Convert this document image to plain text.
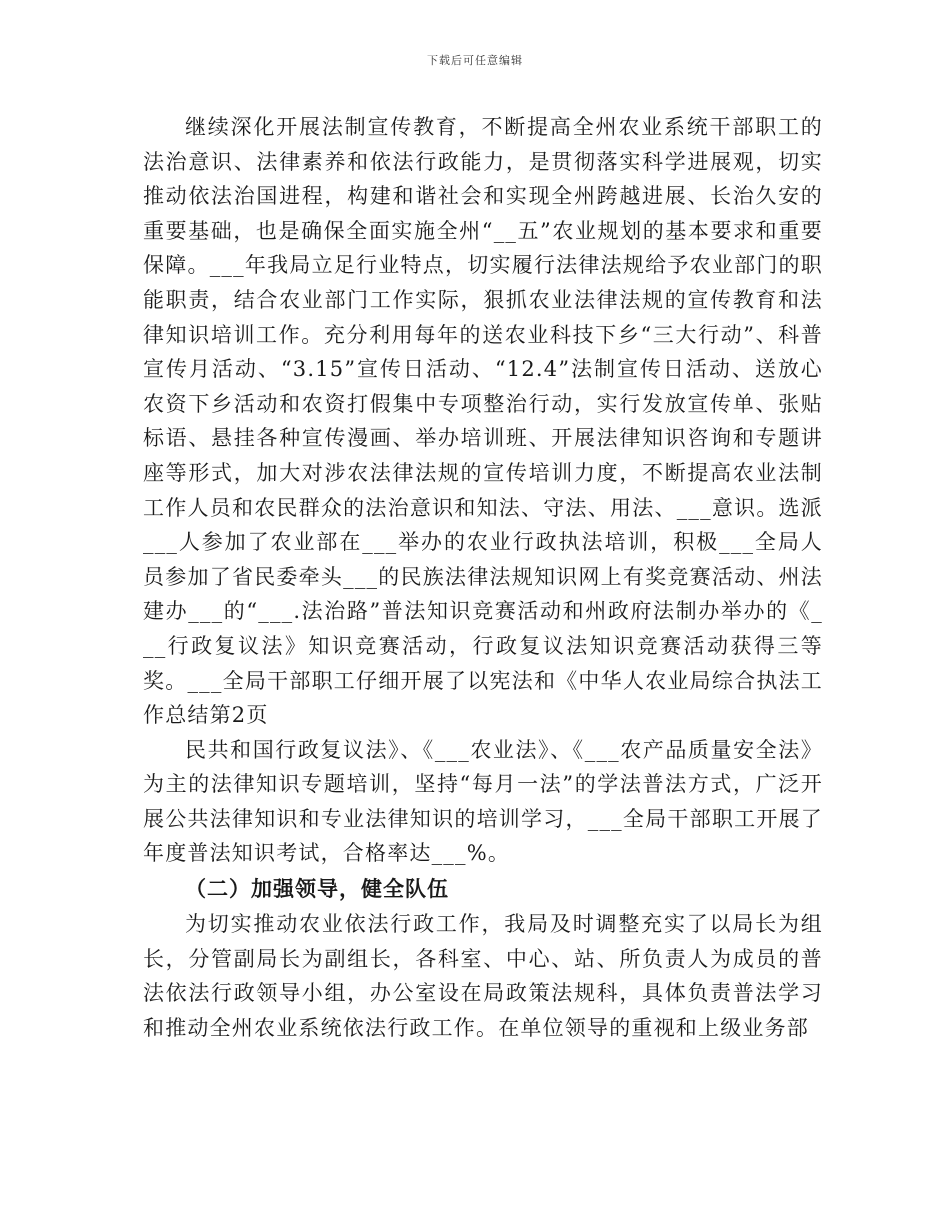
下载后可任意编辑

继续深化开展法制宣传教育，不断提高全州农业系统干部职工的法治意识、法律素养和依法行政能力，是贯彻落实科学进展观，切实推动依法治国进程，构建和谐社会和实现全州跨越进展、长治久安的重要基础，也是确保全面实施全州“__五”农业规划的基本要求和重要保障。___年我局立足行业特点，切实履行法律法规给予农业部门的职能职责，结合农业部门工作实际，狠抓农业法律法规的宣传教育和法律知识培训工作。充分利用每年的送农业科技下乡“三大行动”、科普宣传月活动、“3.15”宣传日活动、“12.4”法制宣传日活动、送放心农资下乡活动和农资打假集中专项整治行动，实行发放宣传单、张贴标语、悬挂各种宣传漫画、举办培训班、开展法律知识咨询和专题讲座等形式，加大对涉农法律法规的宣传培训力度，不断提高农业法制工作人员和农民群众的法治意识和知法、守法、用法、___意识。选派___人参加了农业部在___举办的农业行政执法培训，积极___全局人员参加了省民委牵头___的民族法律法规知识网上有奖竞赛活动、州法建办___的“___.法治路”普法知识竞赛活动和州政府法制办举办的《___行政复议法》知识竞赛活动，行政复议法知识竞赛活动获得三等奖。___全局干部职工仔细开展了以宪法和《中华人农业局综合执法工作总结第2页

民共和国行政复议法》、《___农业法》、《___农产品质量安全法》为主的法律知识专题培训，坚持“每月一法”的学法普法方式，广泛开展公共法律知识和专业法律知识的培训学习，___全局干部职工开展了年度普法知识考试，合格率达___%。

（二）加强领导，健全队伍

为切实推动农业依法行政工作，我局及时调整充实了以局长为组长，分管副局长为副组长，各科室、中心、站、所负责人为成员的普法依法行政领导小组，办公室设在局政策法规科，具体负责普法学习和推动全州农业系统依法行政工作。在单位领导的重视和上级业务部
